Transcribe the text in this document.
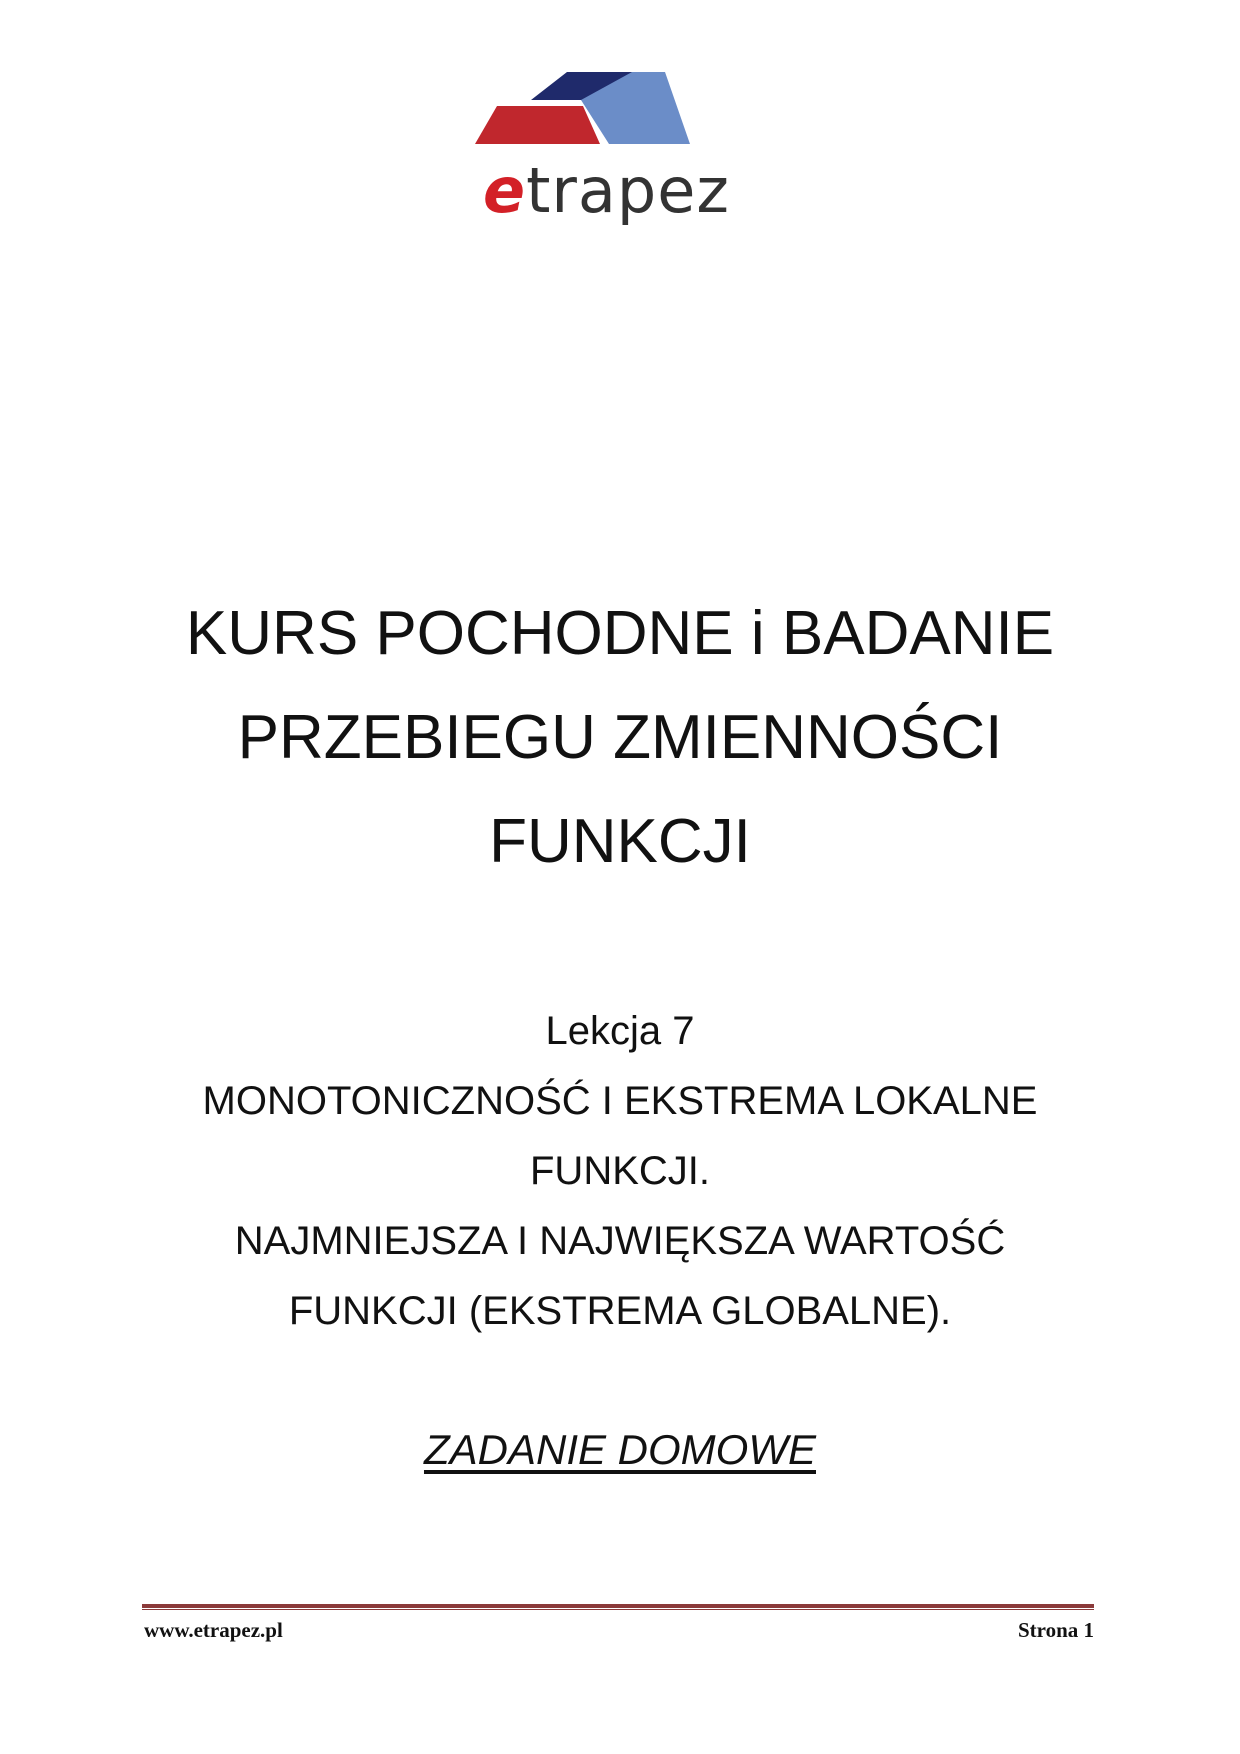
etrapez
KURS POCHODNE i BADANIE
PRZEBIEGU ZMIENNOŚCI
FUNKCJI
Lekcja 7
MONOTONICZNOŚĆ I EKSTREMA LOKALNE
FUNKCJI.
NAJMNIEJSZA I NAJWIĘKSZA WARTOŚĆ
FUNKCJI (EKSTREMA GLOBALNE).
ZADANIE DOMOWE
www.etrapez.pl	Strona 1
